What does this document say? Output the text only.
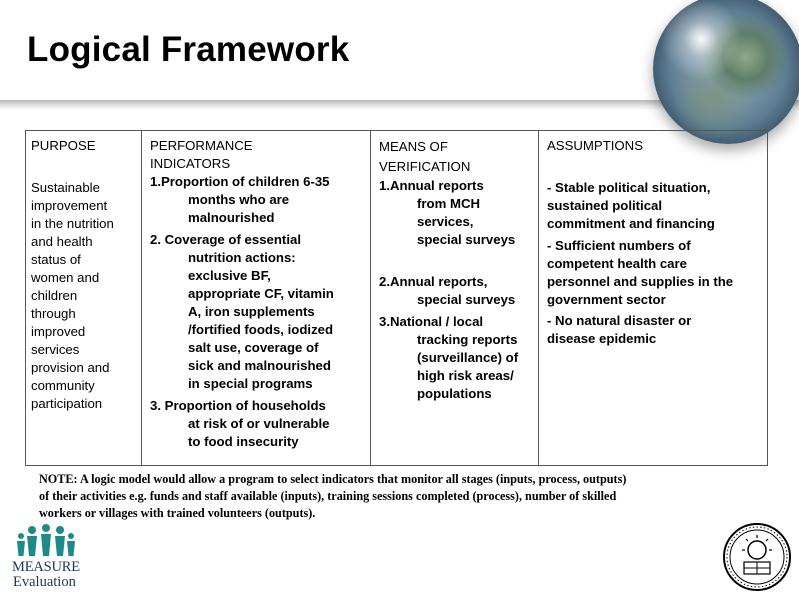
Logical Framework
PURPOSE
Sustainable
improvement
in the nutrition
and health
status of
women and
children
through
improved
services
provision and
community
participation
PERFORMANCE
INDICATORS
1.Proportion of children 6-35
months who are
malnourished
2. Coverage of essential
nutrition actions:
exclusive BF,
appropriate CF, vitamin
A, iron supplements
/fortified foods, iodized
salt use, coverage of
sick and malnourished
in special programs
3. Proportion of households
at risk of or vulnerable
to food insecurity
MEANS OF
VERIFICATION
1.Annual reports
from MCH
services,
special surveys
2.Annual reports,
special surveys
3.National / local
tracking reports
(surveillance) of
high risk areas/
populations
ASSUMPTIONS
- Stable political situation,
sustained political
commitment and financing
- Sufficient numbers of
competent health care
personnel and supplies in the
government sector
- No natural disaster or
disease epidemic
NOTE: A logic model would allow a program to select indicators that monitor all stages (inputs, process, outputs)
of their activities e.g. funds and staff available (inputs), training sessions completed (process), number of skilled
workers or villages with trained volunteers (outputs).
MEASURE
Evaluation
